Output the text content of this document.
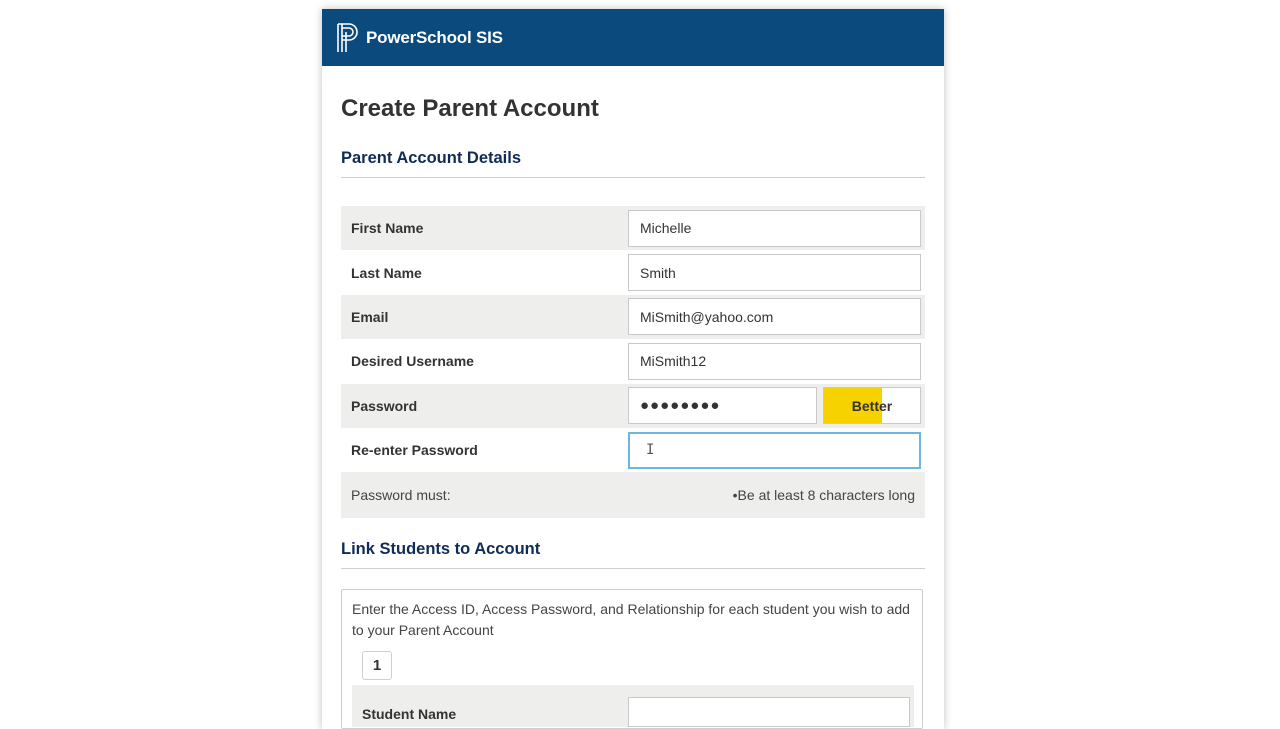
PowerSchool SIS
Create Parent Account
Parent Account Details
First Name	Michelle
Last Name	Smith
Email	MiSmith@yahoo.com
Desired Username	MiSmith12
Password	●●●●●●●●	Better
Re-enter Password	I
Password must:	•Be at least 8 characters long
Link Students to Account
Enter the Access ID, Access Password, and Relationship for each student you wish to add to your Parent Account
1
Student Name
